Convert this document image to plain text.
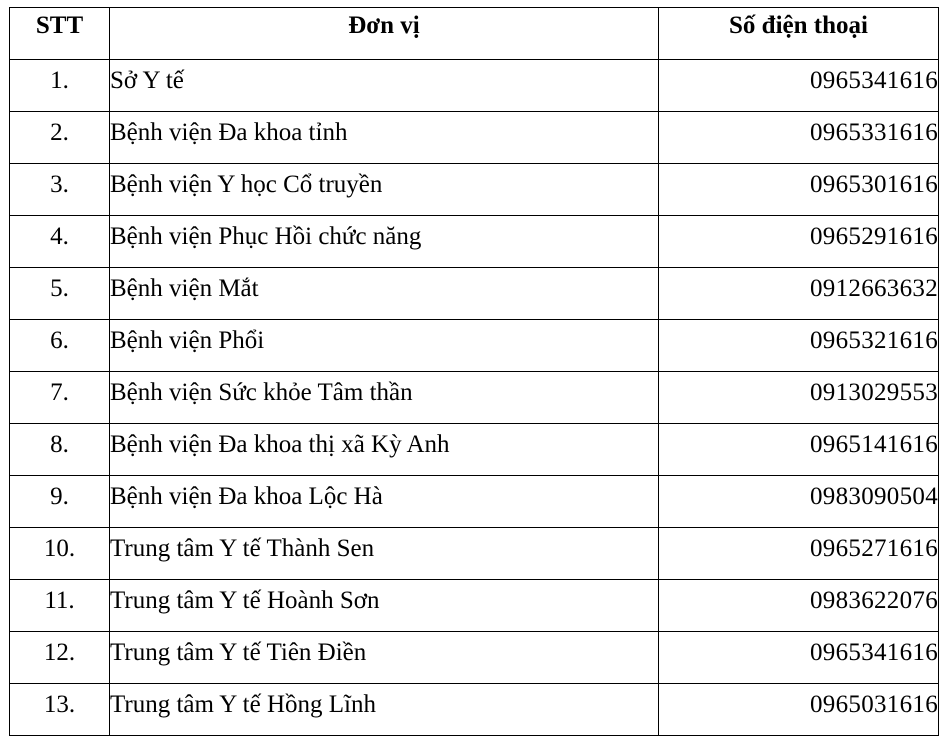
STT	Đơn vị	Số điện thoại
1.	Sở Y tế	0965341616
2.	Bệnh viện Đa khoa tỉnh	0965331616
3.	Bệnh viện Y học Cổ truyền	0965301616
4.	Bệnh viện Phục Hồi chức năng	0965291616
5.	Bệnh viện Mắt	0912663632
6.	Bệnh viện Phổi	0965321616
7.	Bệnh viện Sức khỏe Tâm thần	0913029553
8.	Bệnh viện Đa khoa thị xã Kỳ Anh	0965141616
9.	Bệnh viện Đa khoa Lộc Hà	0983090504
10.	Trung tâm Y tế Thành Sen	0965271616
11.	Trung tâm Y tế Hoành Sơn	0983622076
12.	Trung tâm Y tế Tiên Điền	0965341616
13.	Trung tâm Y tế Hồng Lĩnh	0965031616
